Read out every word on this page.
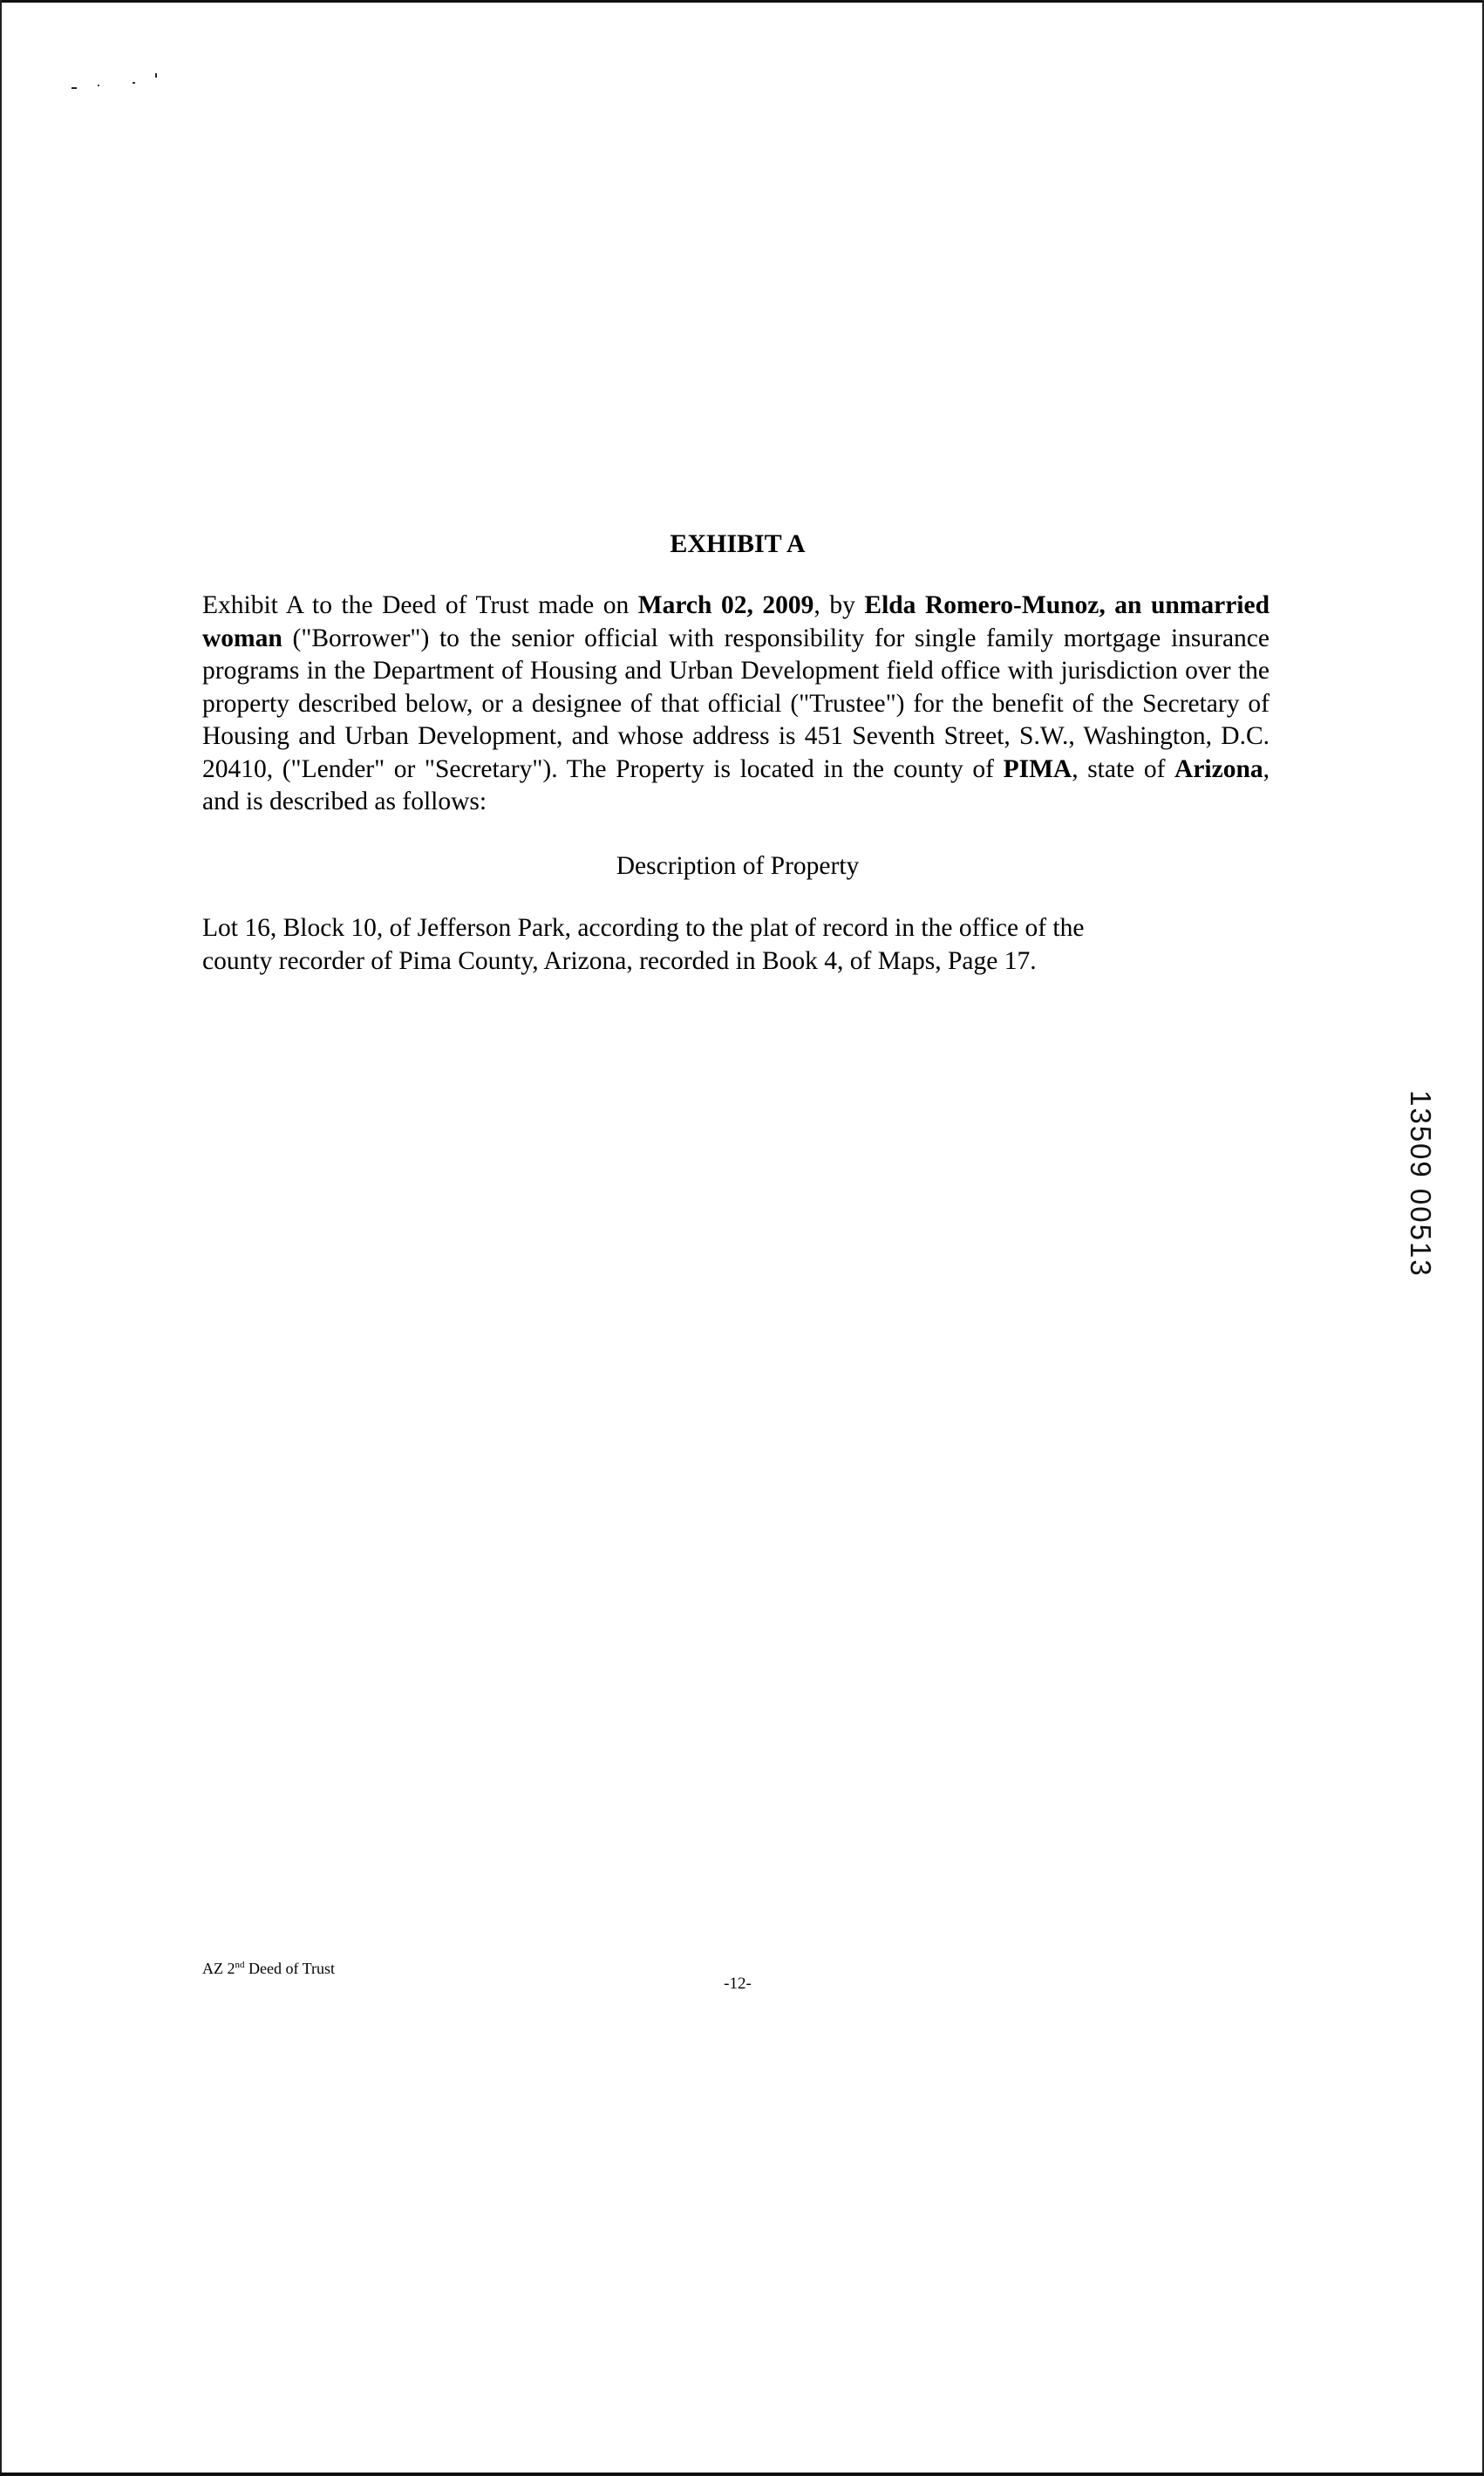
EXHIBIT A
Exhibit A to the Deed of Trust made on March 02, 2009, by Elda Romero-Munoz, an unmarried woman ("Borrower") to the senior official with responsibility for single family mortgage insurance programs in the Department of Housing and Urban Development field office with jurisdiction over the property described below, or a designee of that official ("Trustee") for the benefit of the Secretary of Housing and Urban Development, and whose address is 451 Seventh Street, S.W., Washington, D.C. 20410, ("Lender" or "Secretary"). The Property is located in the county of PIMA, state of Arizona, and is described as follows:
Description of Property
Lot 16, Block 10, of Jefferson Park, according to the plat of record in the office of the
county recorder of Pima County, Arizona, recorded in Book 4, of Maps, Page 17.
13509 00513
AZ 2nd Deed of Trust
-12-
